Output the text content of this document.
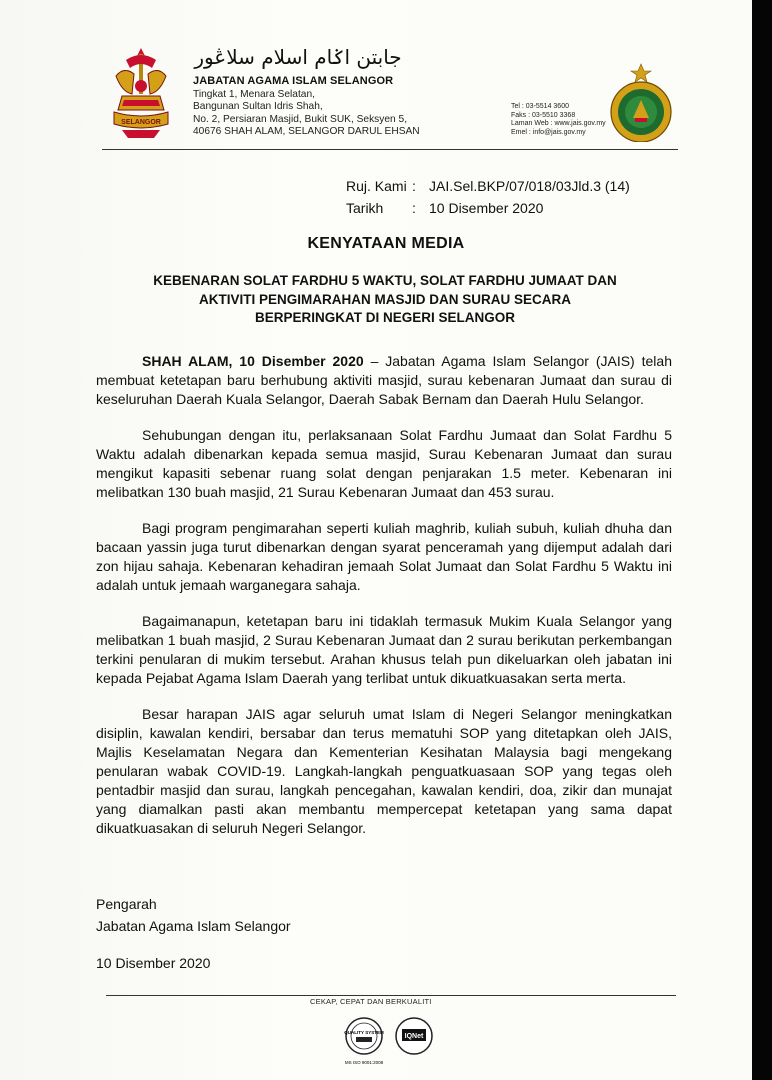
SELANGOR
جابتن اݢام اسلام سلاڠور
JABATAN AGAMA ISLAM SELANGOR
Tingkat 1, Menara Selatan,
Bangunan Sultan Idris Shah,
No. 2, Persiaran Masjid, Bukit SUK, Seksyen 5,
40676 SHAH ALAM, SELANGOR DARUL EHSAN
Tel : 03-5514 3600
Faks : 03-5510 3368
Laman Web : www.jais.gov.my
Emel : info@jais.gov.my
Ruj. Kami : JAI.Sel.BKP/07/018/03Jld.3 (14)
Tarikh	: 10 Disember 2020
KENYATAAN MEDIA
KEBENARAN SOLAT FARDHU 5 WAKTU, SOLAT FARDHU JUMAAT DAN
AKTIVITI PENGIMARAHAN MASJID DAN SURAU SECARA
BERPERINGKAT DI NEGERI SELANGOR

SHAH ALAM, 10 Disember 2020 – Jabatan Agama Islam Selangor (JAIS) telah membuat ketetapan baru berhubung aktiviti masjid, surau kebenaran Jumaat dan surau di keseluruhan Daerah Kuala Selangor, Daerah Sabak Bernam dan Daerah Hulu Selangor.

Sehubungan dengan itu, perlaksanaan Solat Fardhu Jumaat dan Solat Fardhu 5 Waktu adalah dibenarkan kepada semua masjid, Surau Kebenaran Jumaat dan surau mengikut kapasiti sebenar ruang solat dengan penjarakan 1.5 meter. Kebenaran ini melibatkan 130 buah masjid, 21 Surau Kebenaran Jumaat dan 453 surau.

Bagi program pengimarahan seperti kuliah maghrib, kuliah subuh, kuliah dhuha dan bacaan yassin juga turut dibenarkan dengan syarat penceramah yang dijemput adalah dari zon hijau sahaja. Kebenaran kehadiran jemaah Solat Jumaat dan Solat Fardhu 5 Waktu ini adalah untuk jemaah warganegara sahaja.

Bagaimanapun, ketetapan baru ini tidaklah termasuk Mukim Kuala Selangor yang melibatkan 1 buah masjid, 2 Surau Kebenaran Jumaat dan 2 surau berikutan perkembangan terkini penularan di mukim tersebut. Arahan khusus telah pun dikeluarkan oleh jabatan ini kepada Pejabat Agama Islam Daerah yang terlibat untuk dikuatkuasakan serta merta.

Besar harapan JAIS agar seluruh umat Islam di Negeri Selangor meningkatkan disiplin, kawalan kendiri, bersabar dan terus mematuhi SOP yang ditetapkan oleh JAIS, Majlis Keselamatan Negara dan Kementerian Kesihatan Malaysia bagi mengekang penularan wabak COVID-19. Langkah-langkah penguatkuasaan SOP yang tegas oleh pentadbir masjid dan surau, langkah pencegahan, kawalan kendiri, doa, zikir dan munajat yang diamalkan pasti akan membantu mempercepat ketetapan yang sama dapat dikuatkuasakan di seluruh Negeri Selangor.

Pengarah
Jabatan Agama Islam Selangor
10 Disember 2020
CEKAP, CEPAT DAN BERKUALITI
QUALITY SYSTEM
IQNet
MS ISO 9001:2008
